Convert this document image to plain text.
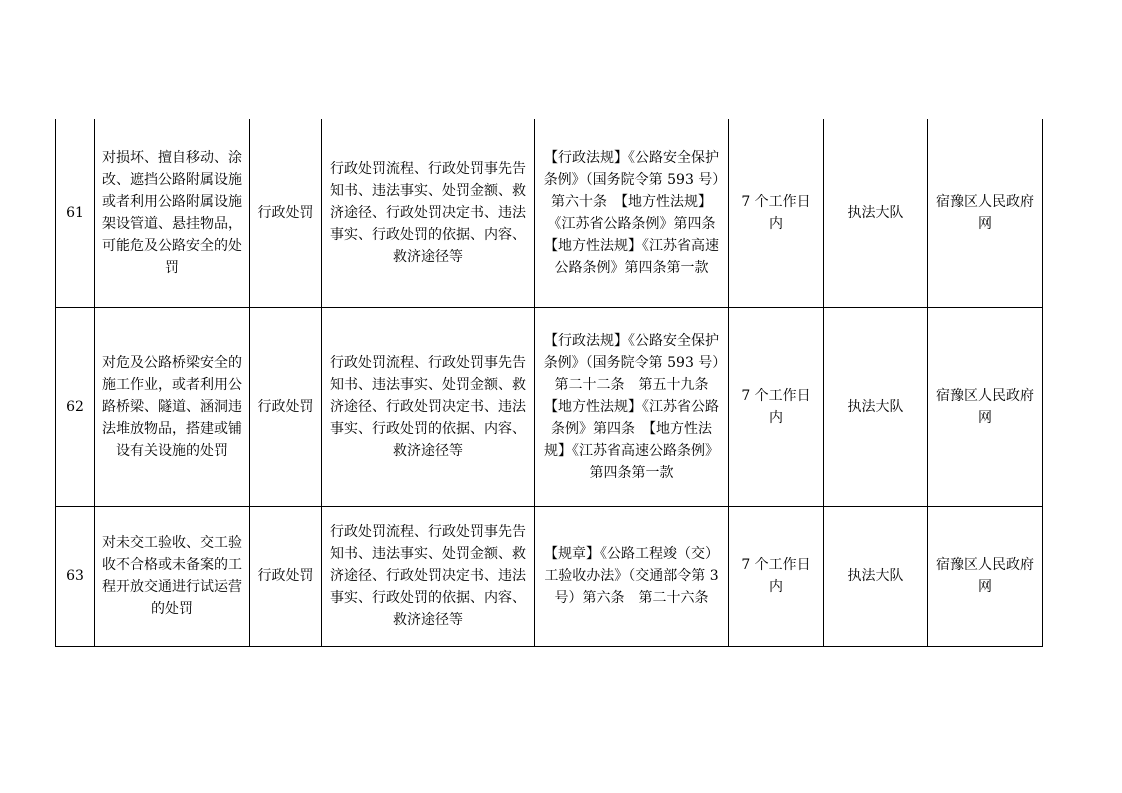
61	对损坏、擅自移动、涂改、遮挡公路附属设施或者利用公路附属设施架设管道、悬挂物品，可能危及公路安全的处罚	行政处罚	行政处罚流程、行政处罚事先告知书、违法事实、处罚金额、救济途径、行政处罚决定书、违法事实、行政处罚的依据、内容、救济途径等	【行政法规】《公路安全保护条例》（国务院令第 593 号）第六十条　【地方性法规】《江苏省公路条例》第四条　【地方性法规】《江苏省高速公路条例》第四条第一款	7 个工作日内	执法大队	宿豫区人民政府网
62	对危及公路桥梁安全的施工作业，或者利用公路桥梁、隧道、涵洞违法堆放物品，搭建或铺设有关设施的处罚	行政处罚	行政处罚流程、行政处罚事先告知书、违法事实、处罚金额、救济途径、行政处罚决定书、违法事实、行政处罚的依据、内容、救济途径等	【行政法规】《公路安全保护条例》（国务院令第 593 号）第二十二条　第五十九条　【地方性法规】《江苏省公路条例》第四条　【地方性法规】《江苏省高速公路条例》第四条第一款	7 个工作日内	执法大队	宿豫区人民政府网
63	对未交工验收、交工验收不合格或未备案的工程开放交通进行试运营的处罚	行政处罚	行政处罚流程、行政处罚事先告知书、违法事实、处罚金额、救济途径、行政处罚决定书、违法事实、行政处罚的依据、内容、救济途径等	【规章】《公路工程竣（交）工验收办法》（交通部令第 3 号）第六条　第二十六条	7 个工作日内	执法大队	宿豫区人民政府网
